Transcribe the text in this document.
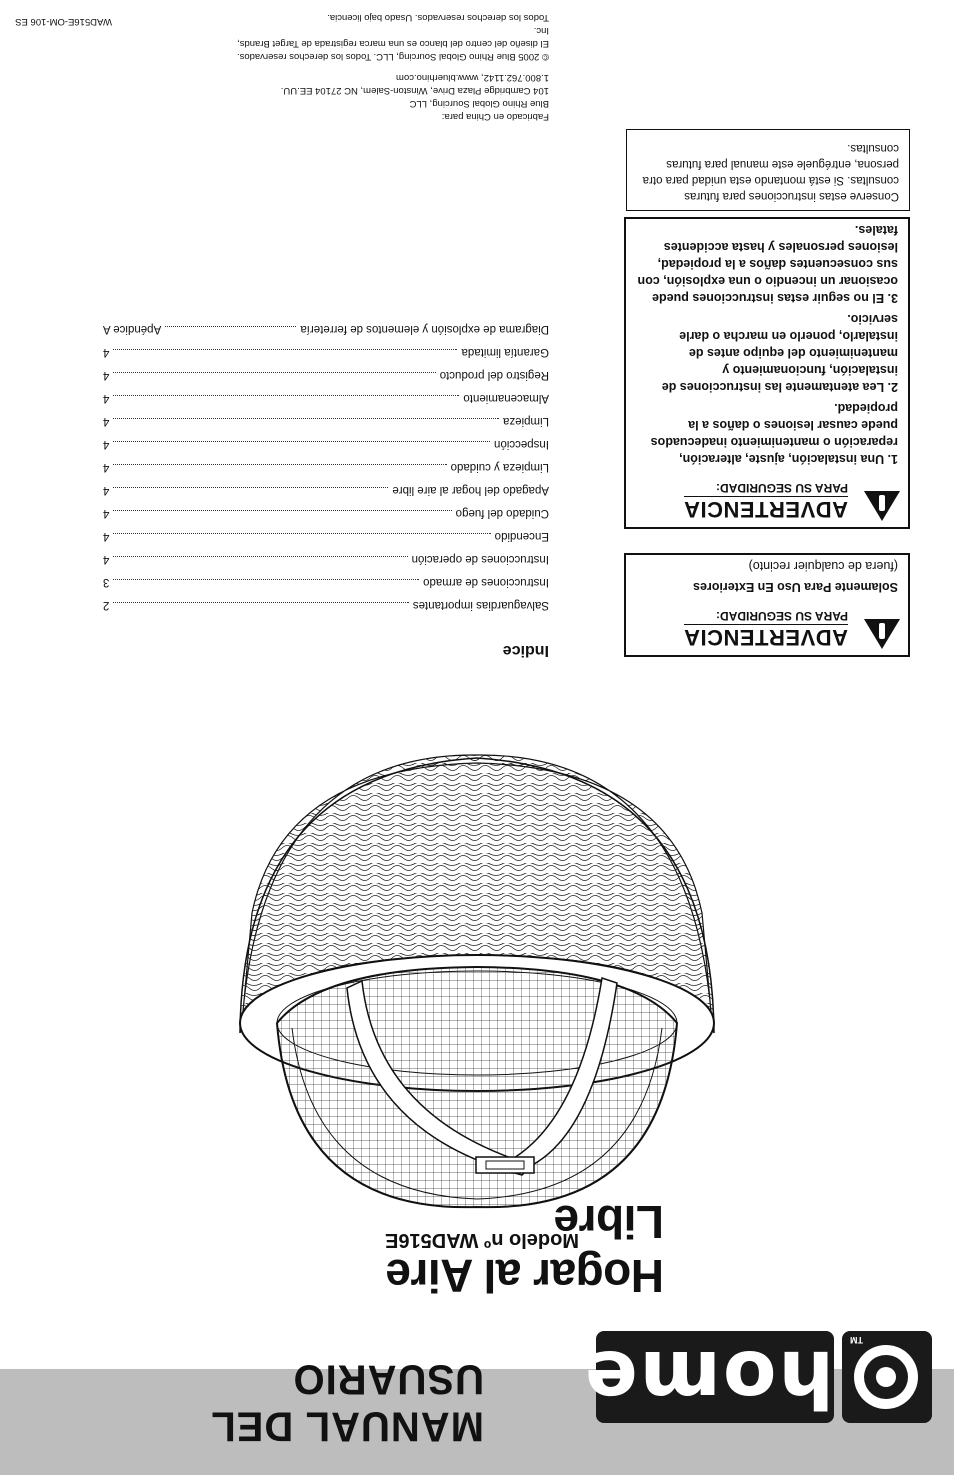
TM
home
MANUAL DEL USUARIO
Hogar al Aire Libre
Modelo nº WAD516E
ADVERTENCIA
PARA SU SEGURIDAD:

Solamente Para Uso En Exteriores

(fuera de cualquier recinto)

ADVERTENCIA
PARA SU SEGURIDAD:

1. Una instalación, ajuste, alteración, reparación o mantenimiento inadecuados puede causar lesiones o daños a la propiedad.

2. Lea atentamente las instrucciones de instalación, funcionamiento y mantenimiento del equipo antes de instalarlo, ponerlo en marcha o darle servicio.

3. El no seguir estas instrucciones puede ocasionar un incendio o una explosión, con sus consecuentes daños a la propiedad, lesiones personales y hasta accidentes fatales.

Conserve estas instrucciones para futuras consultas. Si está montando esta unidad para otra persona, entréguele este manual para futuras consultas.

Indice
Salvaguardias importantes
2
Instrucciones de armado
3
Instrucciones de operación
4
Encendido
4
Cuidado del fuego
4
Apagado del hogar al aire libre
4
Limpieza y cuidado
4
Inspección
4
Limpieza
4
Almacenamiento
4
Registro del producto
4
Garantía limitada
4
Diagrama de explosión y elementos de ferretería
Apéndice A

Fabricado en China para:

Blue Rhino Global Sourcing, LLC

104 Cambridge Plaza Drive, Winston-Salem, NC 27104 EE.UU.

1.800.762.1142, www.bluerhino.com

© 2005 Blue Rhino Global Sourcing, LLC. Todos los derechos reservados.

El diseño del centro del blanco es una marca registrada de Target Brands, Inc.

Todos los derechos reservados. Usado bajo licencia.

WAD516E-OM-106 ES
